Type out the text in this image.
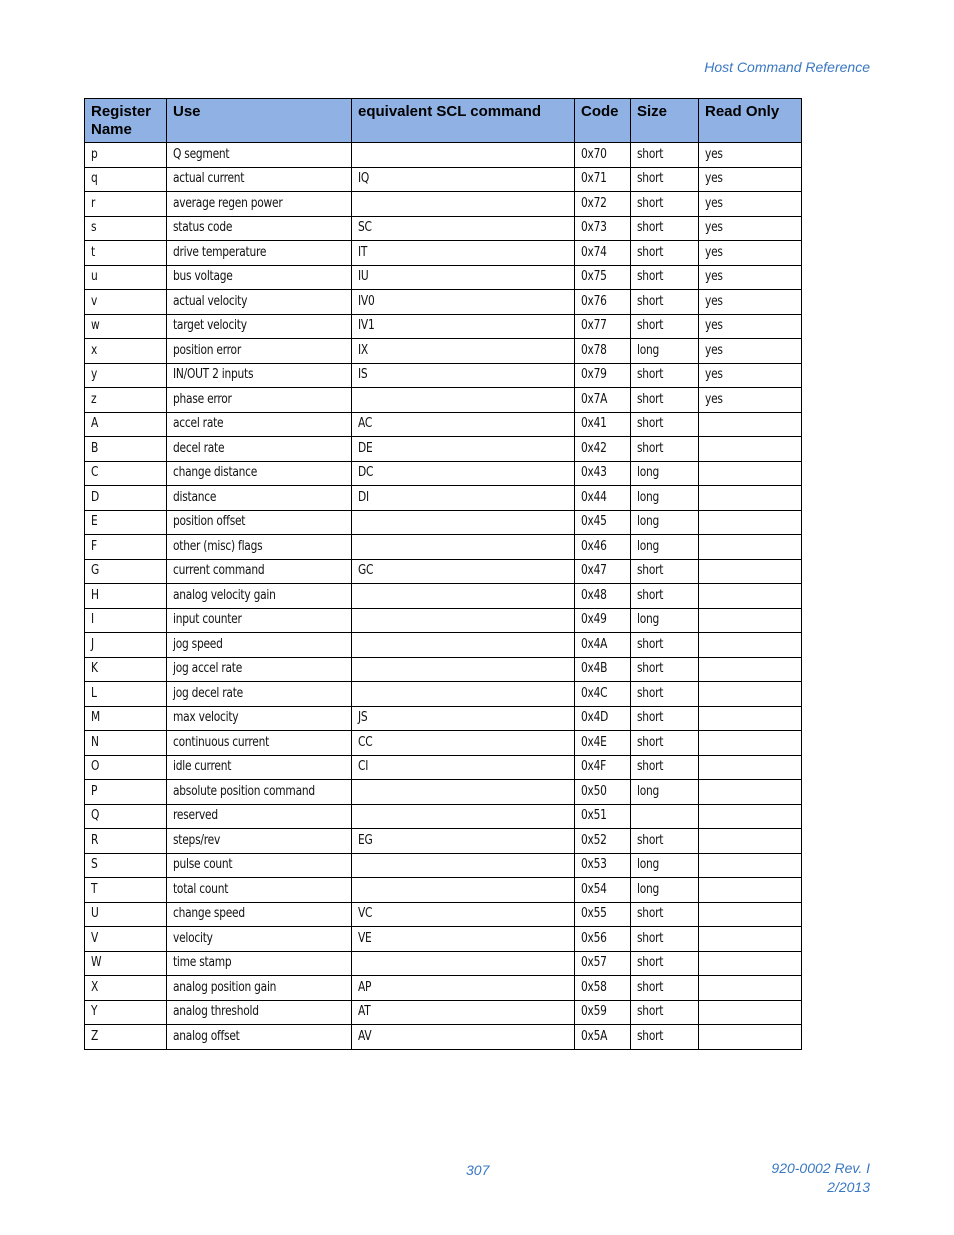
Host Command Reference
Register Name	Use	equivalent SCL command	Code	Size	Read Only
p	Q segment		0x70	short	yes
q	actual current	IQ	0x71	short	yes
r	average regen power		0x72	short	yes
s	status code	SC	0x73	short	yes
t	drive temperature	IT	0x74	short	yes
u	bus voltage	IU	0x75	short	yes
v	actual velocity	IV0	0x76	short	yes
w	target velocity	IV1	0x77	short	yes
x	position error	IX	0x78	long	yes
y	IN/OUT 2 inputs	IS	0x79	short	yes
z	phase error		0x7A	short	yes
A	accel rate	AC	0x41	short	
B	decel rate	DE	0x42	short	
C	change distance	DC	0x43	long	
D	distance	DI	0x44	long	
E	position offset		0x45	long	
F	other (misc) flags		0x46	long	
G	current command	GC	0x47	short	
H	analog velocity gain		0x48	short	
I	input counter		0x49	long	
J	jog speed		0x4A	short	
K	jog accel rate		0x4B	short	
L	jog decel rate		0x4C	short	
M	max velocity	JS	0x4D	short	
N	continuous current	CC	0x4E	short	
O	idle current	CI	0x4F	short	
P	absolute position command		0x50	long	
Q	reserved		0x51		
R	steps/rev	EG	0x52	short	
S	pulse count		0x53	long	
T	total count		0x54	long	
U	change speed	VC	0x55	short	
V	velocity	VE	0x56	short	
W	time stamp		0x57	short	
X	analog position gain	AP	0x58	short	
Y	analog threshold	AT	0x59	short	
Z	analog offset	AV	0x5A	short	
307	920-0002 Rev. I
2/2013
